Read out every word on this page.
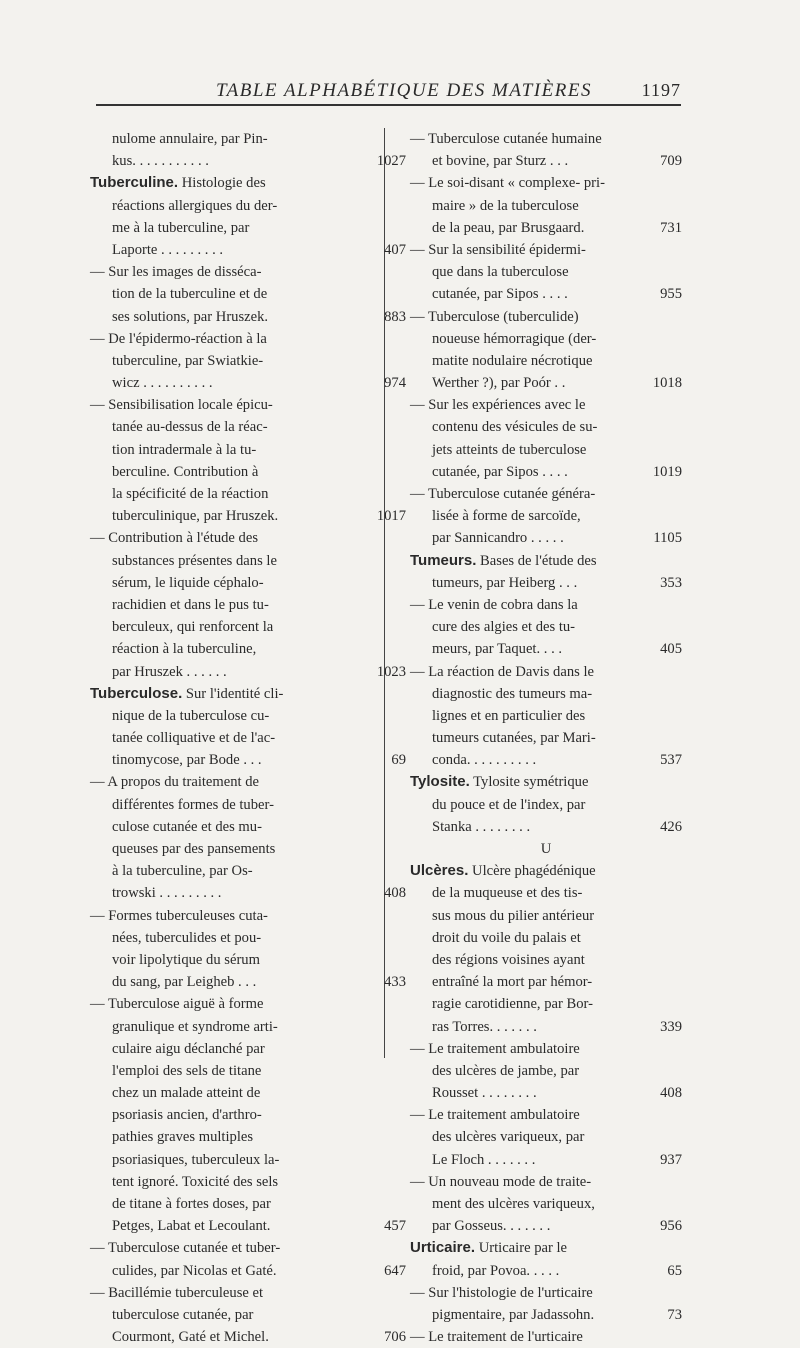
TABLE ALPHABÉTIQUE DES MATIÈRES	1197
nulome annulaire, par Pin-
kus. . . . . . . . . . .	1027
Tuberculine. Histologie des
réactions allergiques du der-
me à la tuberculine, par
Laporte . . . . . . . . .	407
— Sur les images de disséca-
tion de la tuberculine et de
ses solutions, par Hruszek.	883
— De l'épidermo-réaction à la
tuberculine, par Swiatkie-
wicz . . . . . . . . . .	974
— Sensibilisation locale épicu-
tanée au-dessus de la réac-
tion intradermale à la tu-
berculine. Contribution à
la spécificité de la réaction
tuberculinique, par Hruszek.	1017
— Contribution à l'étude des
substances présentes dans le
sérum, le liquide céphalo-
rachidien et dans le pus tu-
berculeux, qui renforcent la
réaction à la tuberculine,
par Hruszek . . . . . .	1023
Tuberculose. Sur l'identité cli-
nique de la tuberculose cu-
tanée colliquative et de l'ac-
tinomycose, par Bode . . .	69
— A propos du traitement de
différentes formes de tuber-
culose cutanée et des mu-
queuses par des pansements
à la tuberculine, par Os-
trowski . . . . . . . . .	408
— Formes tuberculeuses cuta-
nées, tuberculides et pou-
voir lipolytique du sérum
du sang, par Leigheb . . .	433
— Tuberculose aiguë à forme
granulique et syndrome arti-
culaire aigu déclanché par
l'emploi des sels de titane
chez un malade atteint de
psoriasis ancien, d'arthro-
pathies graves multiples
psoriasiques, tuberculeux la-
tent ignoré. Toxicité des sels
de titane à fortes doses, par
Petges, Labat et Lecoulant.	457
— Tuberculose cutanée et tuber-
culides, par Nicolas et Gaté.	647
— Bacillémie tuberculeuse et
tuberculose cutanée, par
Courmont, Gaté et Michel.	706
— Tuberculose cutanée humaine
et bovine, par Sturz . . .	709
— Le soi-disant « complexe- pri-
maire » de la tuberculose
de la peau, par Brusgaard.	731
— Sur la sensibilité épidermi-
que dans la tuberculose
cutanée, par Sipos . . . .	955
— Tuberculose (tuberculide)
noueuse hémorragique (der-
matite nodulaire nécrotique
Werther ?), par Poór . .	1018
— Sur les expériences avec le
contenu des vésicules de su-
jets atteints de tuberculose
cutanée, par Sipos . . . .	1019
— Tuberculose cutanée généra-
lisée à forme de sarcoïde,
par Sannicandro . . . . .	1105
Tumeurs. Bases de l'étude des
tumeurs, par Heiberg . . .	353
— Le venin de cobra dans la
cure des algies et des tu-
meurs, par Taquet. . . .	405
— La réaction de Davis dans le
diagnostic des tumeurs ma-
lignes et en particulier des
tumeurs cutanées, par Mari-
conda. . . . . . . . . .	537
Tylosite. Tylosite symétrique
du pouce et de l'index, par
Stanka . . . . . . . .	426
U
Ulcères. Ulcère phagédénique
de la muqueuse et des tis-
sus mous du pilier antérieur
droit du voile du palais et
des régions voisines ayant
entraîné la mort par hémor-
ragie carotidienne, par Bor-
ras Torres. . . . . . .	339
— Le traitement ambulatoire
des ulcères de jambe, par
Rousset . . . . . . . .	408
— Le traitement ambulatoire
des ulcères variqueux, par
Le Floch . . . . . . .	937
— Un nouveau mode de traite-
ment des ulcères variqueux,
par Gosseus. . . . . . .	956
Urticaire. Urticaire par le
froid, par Povoa. . . . .	65
— Sur l'histologie de l'urticaire
pigmentaire, par Jadassohn.	73
— Le traitement de l'urticaire
